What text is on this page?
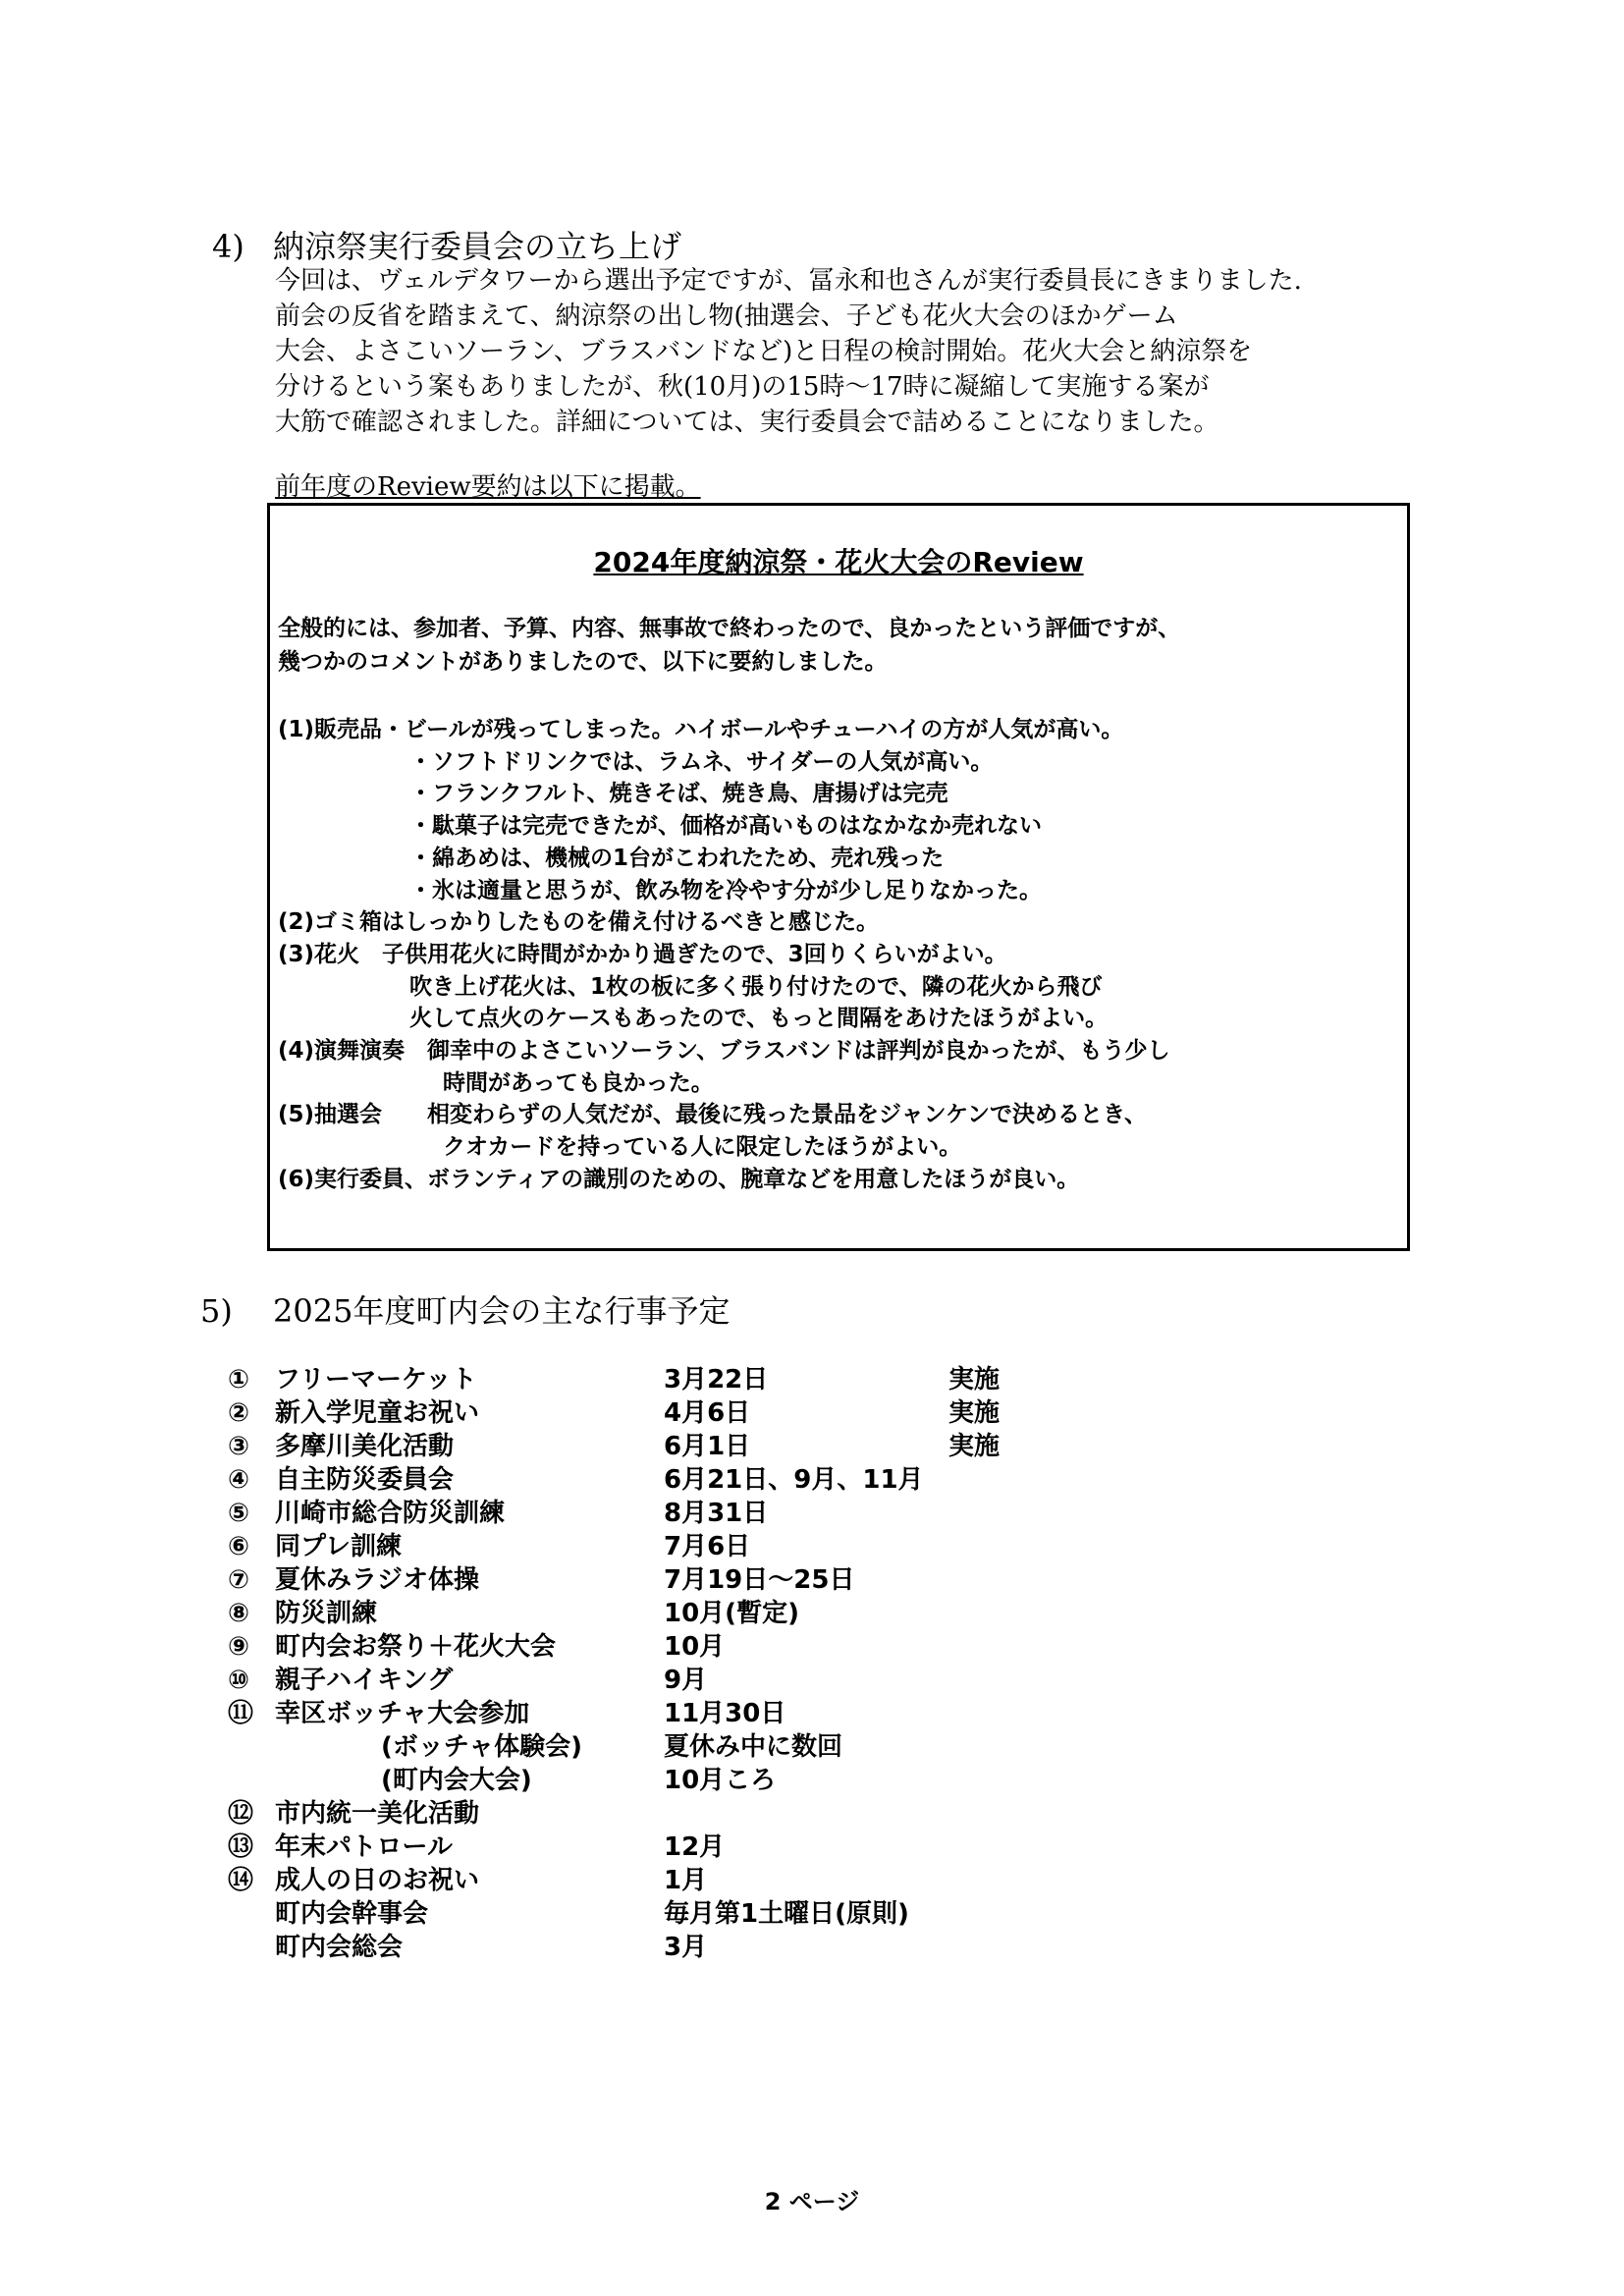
4) 納涼祭実行委員会の立ち上げ
今回は、ヴェルデタワーから選出予定ですが、冨永和也さんが実行委員長にきまりました.
前会の反省を踏まえて、納涼祭の出し物(抽選会、子ども花火大会のほかゲーム
大会、よさこいソーラン、ブラスバンドなど)と日程の検討開始。花火大会と納涼祭を
分けるという案もありましたが、秋(10月)の15時～17時に凝縮して実施する案が
大筋で確認されました。詳細については、実行委員会で詰めることになりました。
前年度のReview要約は以下に掲載。
2024年度納涼祭・花火大会のReview
全般的には、参加者、予算、内容、無事故で終わったので、良かったという評価ですが、
幾つかのコメントがありましたので、以下に要約しました。
(1)販売品・ビールが残ってしまった。ハイボールやチューハイの方が人気が高い。
・ソフトドリンクでは、ラムネ、サイダーの人気が高い。
・フランクフルト、焼きそば、焼き鳥、唐揚げは完売
・駄菓子は完売できたが、価格が高いものはなかなか売れない
・綿あめは、機械の1台がこわれたため、売れ残った
・氷は適量と思うが、飲み物を冷やす分が少し足りなかった。
(2)ゴミ箱はしっかりしたものを備え付けるべきと感じた。
(3)花火　子供用花火に時間がかかり過ぎたので、3回りくらいがよい。
吹き上げ花火は、1枚の板に多く張り付けたので、隣の花火から飛び
火して点火のケースもあったので、もっと間隔をあけたほうがよい。
(4)演舞演奏　御幸中のよさこいソーラン、ブラスバンドは評判が良かったが、もう少し
時間があっても良かった。
(5)抽選会　　相変わらずの人気だが、最後に残った景品をジャンケンで決めるとき、
クオカードを持っている人に限定したほうがよい。
(6)実行委員、ボランティアの識別のための、腕章などを用意したほうが良い。
5) 2025年度町内会の主な行事予定
① フリーマーケット	3月22日	実施
② 新入学児童お祝い	4月6日	実施
③ 多摩川美化活動	6月1日	実施
④ 自主防災委員会	6月21日、9月、11月
⑤ 川崎市総合防災訓練	8月31日
⑥ 同プレ訓練	7月6日
⑦ 夏休みラジオ体操	7月19日～25日
⑧ 防災訓練	10月(暫定)
⑨ 町内会お祭り＋花火大会	10月
⑩ 親子ハイキング	9月
⑪ 幸区ボッチャ大会参加	11月30日
(ボッチャ体験会)	夏休み中に数回
(町内会大会)	10月ころ
⑫ 市内統一美化活動
⑬ 年末パトロール	12月
⑭ 成人の日のお祝い	1月
町内会幹事会	毎月第1土曜日(原則)
町内会総会	3月
2 ページ
